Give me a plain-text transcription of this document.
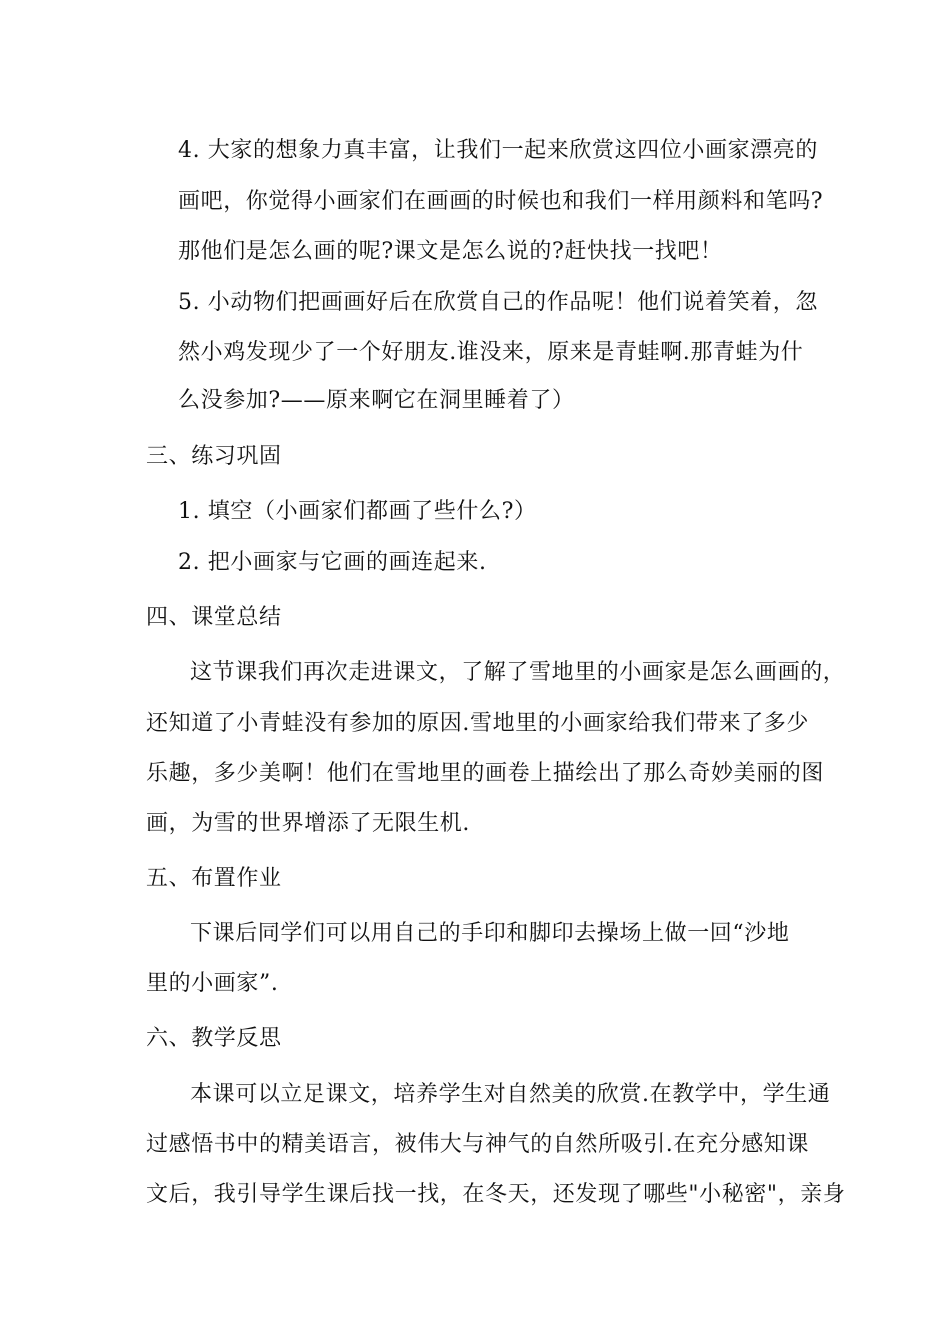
4. 大家的想象力真丰富，让我们一起来欣赏这四位小画家漂亮的
画吧，你觉得小画家们在画画的时候也和我们一样用颜料和笔吗?
那他们是怎么画的呢?课文是怎么说的?赶快找一找吧！
5. 小动物们把画画好后在欣赏自己的作品呢！他们说着笑着，忽
然小鸡发现少了一个好朋友.谁没来，原来是青蛙啊.那青蛙为什
么没参加?——原来啊它在洞里睡着了）
三、练习巩固
1. 填空（小画家们都画了些什么?）
2. 把小画家与它画的画连起来.
四、课堂总结
这节课我们再次走进课文，了解了雪地里的小画家是怎么画画的，
还知道了小青蛙没有参加的原因.雪地里的小画家给我们带来了多少
乐趣，多少美啊！他们在雪地里的画卷上描绘出了那么奇妙美丽的图
画，为雪的世界增添了无限生机.
五、布置作业
下课后同学们可以用自己的手印和脚印去操场上做一回“沙地
里的小画家”.
六、教学反思
本课可以立足课文，培养学生对自然美的欣赏.在教学中，学生通
过感悟书中的精美语言，被伟大与神气的自然所吸引.在充分感知课
文后，我引导学生课后找一找，在冬天，还发现了哪些"小秘密"，亲身
